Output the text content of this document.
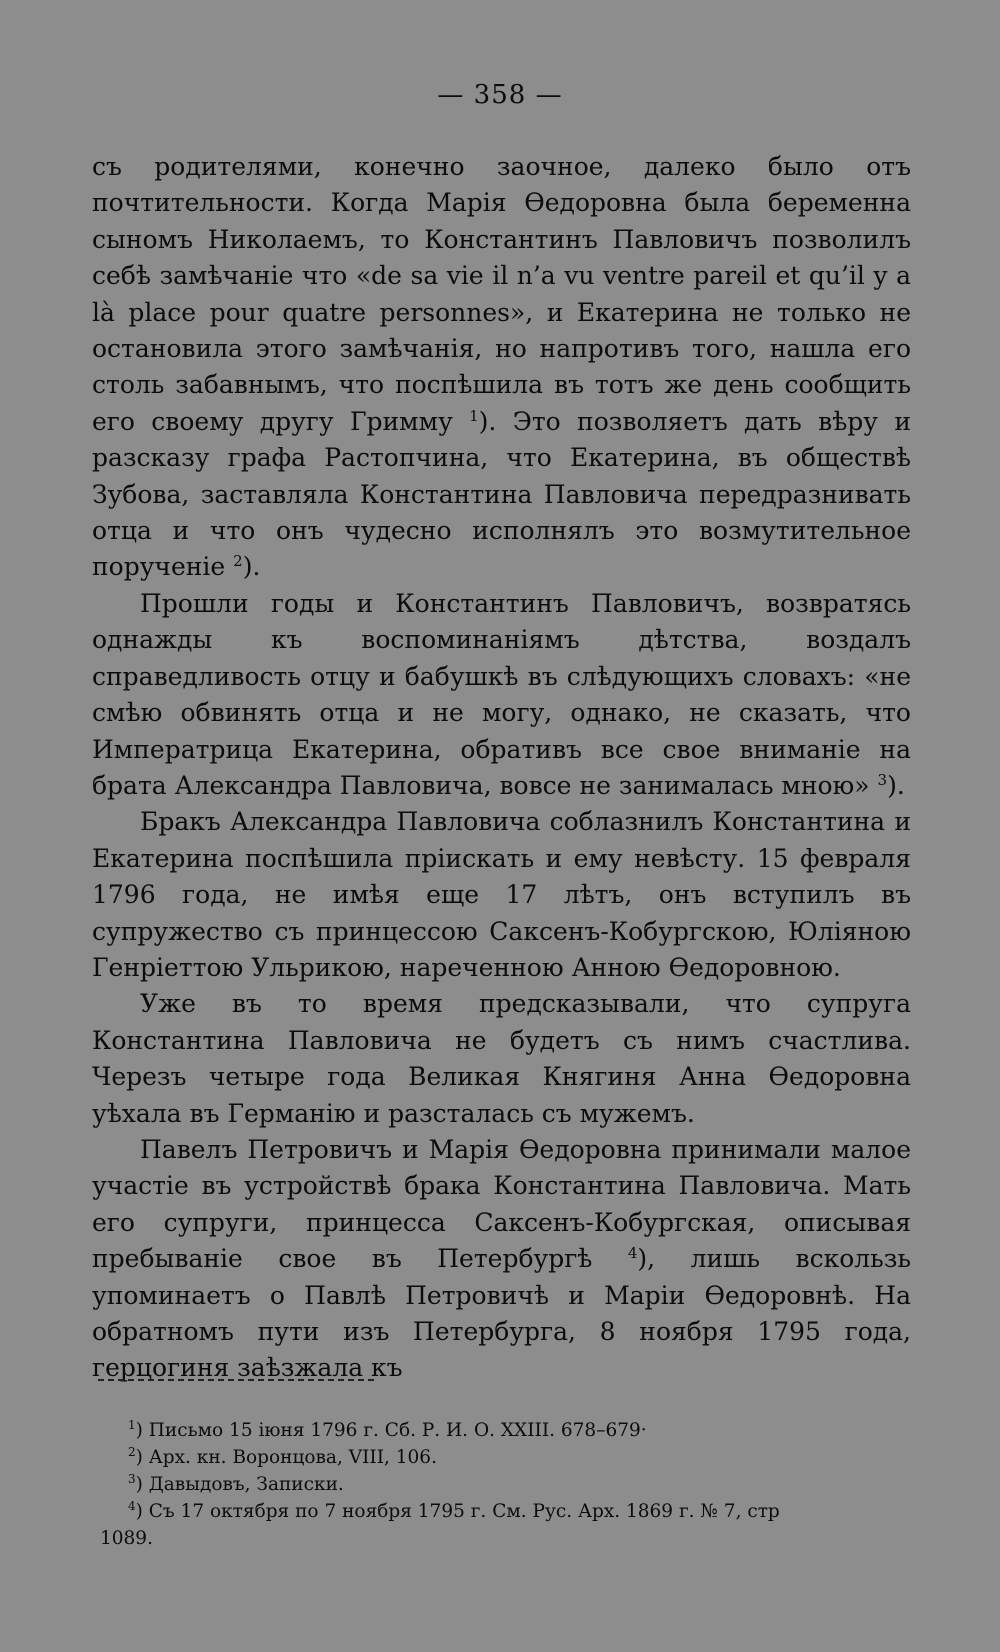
— 358 —

съ родителями, конечно заочное, далеко было отъ почтительности. Когда Марія Ѳедоровна была беременна сыномъ Николаемъ, то Константинъ Павловичъ позволилъ себѣ замѣчаніе что «de sa vie il n’a vu ventre pareil et qu’il y a là place pour quatre personnes», и Екатерина не только не остановила этого замѣчанія, но напротивъ того, нашла его столь забавнымъ, что поспѣшила въ тотъ же день сообщить его своему другу Гримму $^1$). Это позволяетъ дать вѣру и разсказу графа Растопчина, что Екатерина, въ обществѣ Зубова, заставляла Константина Павловича передразнивать отца и что онъ чудесно исполнялъ это возмутительное порученіе $^2$).

Прошли годы и Константинъ Павловичъ, возвратясь однажды къ воспоминаніямъ дѣтства, воздалъ справедливость отцу и бабушкѣ въ слѣдующихъ словахъ: «не смѣю обвинять отца и не могу, однако, не сказать, что Императрица Екатерина, обративъ все свое вниманіе на брата Александра Павловича, вовсе не занималась мною» $^3$).

Бракъ Александра Павловича соблазнилъ Константина и Екатерина поспѣшила пріискать и ему невѣсту. 15 февраля 1796 года, не имѣя еще 17 лѣтъ, онъ вступилъ въ супружество съ принцессою Саксенъ-Кобургскою, Юліяною Генріеттою Ульрикою, нареченною Анною Ѳедоровною.

Уже въ то время предсказывали, что супруга Константина Павловича не будетъ съ нимъ счастлива. Черезъ четыре года Великая Княгиня Анна Ѳедоровна уѣхала въ Германію и разсталась съ мужемъ.

Павелъ Петровичъ и Марія Ѳедоровна принимали малое участіе въ устройствѣ брака Константина Павловича. Мать его супруги, принцесса Саксенъ-Кобургская, описывая пребываніе свое въ Петербургѣ $^4$), лишь вскользь упоминаетъ о Павлѣ Петровичѣ и Маріи Ѳедоровнѣ. На обратномъ пути изъ Петербурга, 8 ноября 1795 года, герцогиня заѣзжала къ

$^1$) Письмо 15 іюня 1796 г. Сб. Р. И. О. XXIII. 678–679·

$^2$) Арх. кн. Воронцова, VIII, 106.

$^3$) Давыдовъ, Записки.

$^4$) Съ 17 октября по 7 ноября 1795 г. См. Рус. Арх. 1869 г. № 7, стр

1089.
